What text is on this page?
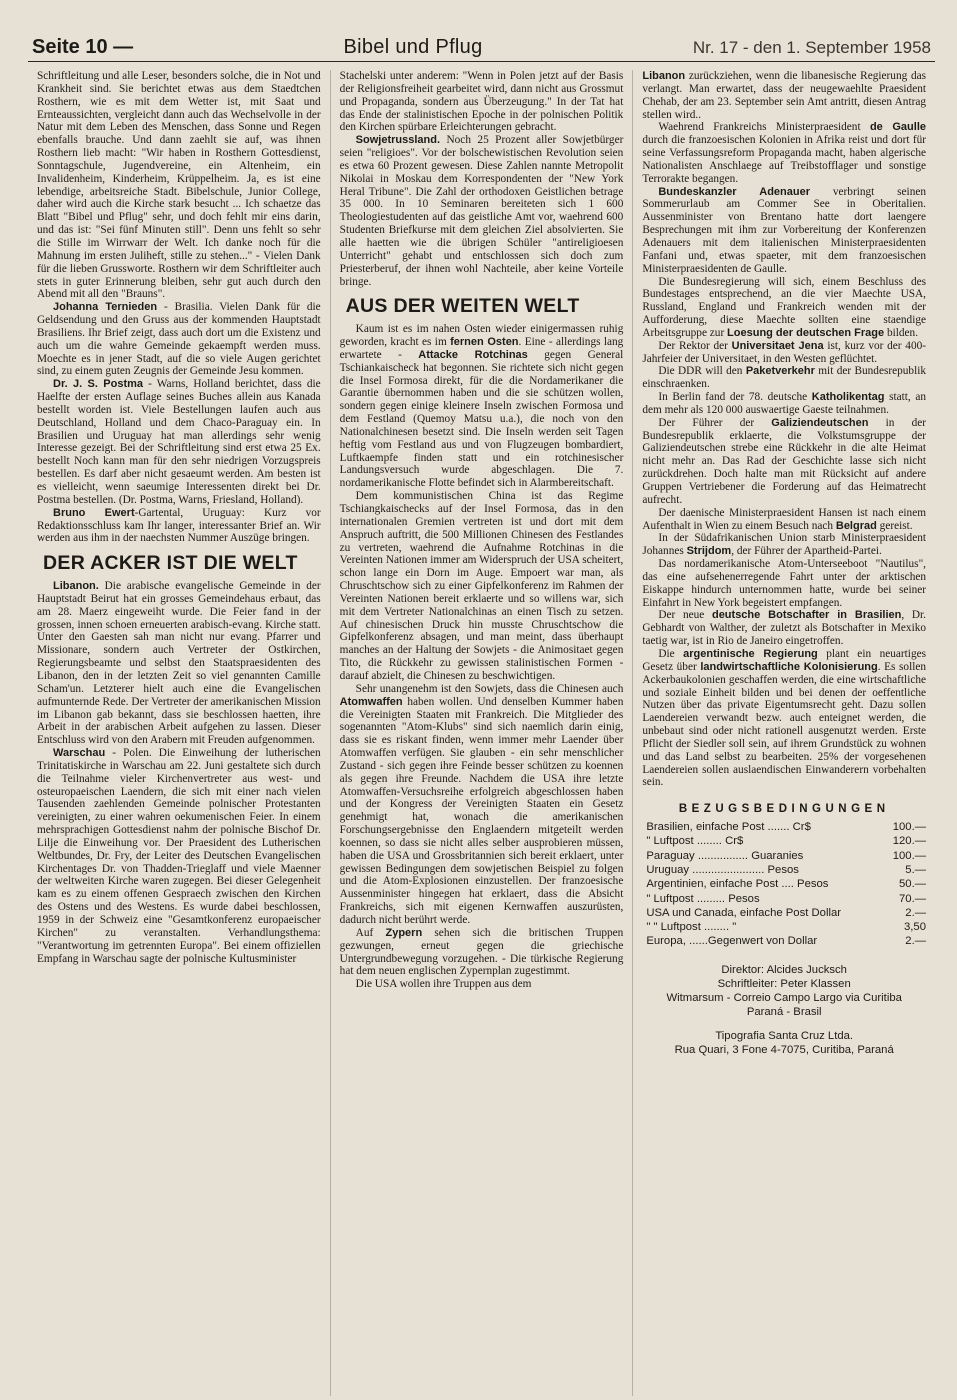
Seite 10 —	Bibel und Pflug	Nr. 17 - den 1. September 1958

Schriftleitung und alle Leser, besonders solche, die in Not und Krankheit sind. Sie berichtet etwas aus dem Staedtchen Rosthern, wie es mit dem Wetter ist, mit Saat und Ernteaussichten, vergleicht dann auch das Wechselvolle in der Natur mit dem Leben des Menschen, dass Sonne und Regen ebenfalls brauche. Und dann zaehlt sie auf, was ihnen Rosthern lieb macht: "Wir haben in Rosthern Gottesdienst, Sonntagschule, Jugendvereine, ein Altenheim, ein Invalidenheim, Kinderheim, Krüppelheim. Ja, es ist eine lebendige, arbeitsreiche Stadt. Bibelschule, Junior College, daher wird auch die Kirche stark besucht ... Ich schaetze das Blatt "Bibel und Pflug" sehr, und doch fehlt mir eins darin, und das ist: "Sei fünf Minuten still". Denn uns fehlt so sehr die Stille im Wirrwarr der Welt. Ich danke noch für die Mahnung im ersten Juliheft, stille zu stehen..." - Vielen Dank für die lieben Grussworte. Rosthern wir dem Schriftleiter auch stets in guter Erinnerung bleiben, sehr gut auch durch den Abend mit all den "Brauns".

Johanna Ternieden - Brasilia. Vielen Dank für die Geldsendung und den Gruss aus der kommenden Hauptstadt Brasiliens. Ihr Brief zeigt, dass auch dort um die Existenz und auch um die wahre Gemeinde gekaempft werden muss. Moechte es in jener Stadt, auf die so viele Augen gerichtet sind, zu einem guten Zeugnis der Gemeinde Jesu kommen.

Dr. J. S. Postma - Warns, Holland berichtet, dass die Haelfte der ersten Auflage seines Buches allein aus Kanada bestellt worden ist. Viele Bestellungen laufen auch aus Deutschland, Holland und dem Chaco-Paraguay ein. In Brasilien und Uruguay hat man allerdings sehr wenig Interesse gezeigt. Bei der Schriftleitung sind erst etwa 25 Ex. bestellt Noch kann man für den sehr niedrigen Vorzugspreis bestellen. Es darf aber nicht gesaeumt werden. Am besten ist es vielleicht, wenn saeumige Interessenten direkt bei Dr. Postma bestellen. (Dr. Postma, Warns, Friesland, Holland).

Bruno Ewert-Gartental, Uruguay: Kurz vor Redaktionsschluss kam Ihr langer, interessanter Brief an. Wir werden aus ihm in der naechsten Nummer Auszüge bringen.

DER ACKER IST DIE WELT

Libanon. Die arabische evangelische Gemeinde in der Hauptstadt Beirut hat ein grosses Gemeindehaus erbaut, das am 28. Maerz eingeweiht wurde. Die Feier fand in der grossen, innen schoen erneuerten arabisch-evang. Kirche statt. Unter den Gaesten sah man nicht nur evang. Pfarrer und Missionare, sondern auch Vertreter der Ostkirchen, Regierungsbeamte und selbst den Staatspraesidenten des Libanon, den in der letzten Zeit so viel genannten Camille Scham'un. Letzterer hielt auch eine die Evangelischen aufmunternde Rede. Der Vertreter der amerikanischen Mission im Libanon gab bekannt, dass sie beschlossen haetten, ihre Arbeit in der arabischen Arbeit aufgehen zu lassen. Dieser Entschluss wird von den Arabern mit Freuden aufgenommen.

Warschau - Polen. Die Einweihung der lutherischen Trinitatiskirche in Warschau am 22. Juni gestaltete sich durch die Teilnahme vieler Kirchenvertreter aus west- und osteuropaeischen Laendern, die sich mit einer nach vielen Tausenden zaehlenden Gemeinde polnischer Protestanten vereinigten, zu einer wahren oekumenischen Feier. In einem mehrsprachigen Gottesdienst nahm der polnische Bischof Dr. Lilje die Einweihung vor. Der Praesident des Lutherischen Weltbundes, Dr. Fry, der Leiter des Deutschen Evangelischen Kirchentages Dr. von Thadden-Trieglaff und viele Maenner der weltweiten Kirche waren zugegen. Bei dieser Gelegenheit kam es zu einem offenen Gespraech zwischen den Kirchen des Ostens und des Westens. Es wurde dabei beschlossen, 1959 in der Schweiz eine "Gesamtkonferenz europaeischer Kirchen" zu veranstalten. Verhandlungsthema: "Verantwortung im getrennten Europa". Bei einem offiziellen Empfang in Warschau sagte der polnische Kultusminister

Stachelski unter anderem: "Wenn in Polen jetzt auf der Basis der Religionsfreiheit gearbeitet wird, dann nicht aus Grossmut und Propaganda, sondern aus Überzeugung." In der Tat hat das Ende der stalinistischen Epoche in der polnischen Politik den Kirchen spürbare Erleichterungen gebracht.

Sowjetrussland. Noch 25 Prozent aller Sowjetbürger seien "religioes". Vor der bolschewistischen Revolution seien es etwa 60 Prozent gewesen. Diese Zahlen nannte Metropolit Nikolai in Moskau dem Korrespondenten der "New York Heral Tribune". Die Zahl der orthodoxen Geistlichen betrage 35 000. In 10 Seminaren bereiteten sich 1 600 Theologiestudenten auf das geistliche Amt vor, waehrend 600 Studenten Briefkurse mit dem gleichen Ziel absolvierten. Sie alle haetten wie die übrigen Schüler "antireligioesen Unterricht" gehabt und entschlossen sich doch zum Priesterberuf, der ihnen wohl Nachteile, aber keine Vorteile bringe.

AUS DER WEITEN WELT

Kaum ist es im nahen Osten wieder einigermassen ruhig geworden, kracht es im fernen Osten. Eine - allerdings lang erwartete - Attacke Rotchinas gegen General Tschiankaischeck hat begonnen. Sie richtete sich nicht gegen die Insel Formosa direkt, für die die Nordamerikaner die Garantie übernommen haben und die sie schützen wollen, sondern gegen einige kleinere Inseln zwischen Formosa und dem Festland (Quemoy Matsu u.a.), die noch von den Nationalchinesen besetzt sind. Die Inseln werden seit Tagen heftig vom Festland aus und von Flugzeugen bombardiert, Luftkaempfe finden statt und ein rotchinesischer Landungsversuch wurde abgeschlagen. Die 7. nordamerikanische Flotte befindet sich in Alarmbereitschaft.

Dem kommunistischen China ist das Regime Tschiangkaischecks auf der Insel Formosa, das in den internationalen Gremien vertreten ist und dort mit dem Anspruch auftritt, die 500 Millionen Chinesen des Festlandes zu vertreten, waehrend die Aufnahme Rotchinas in die Vereinten Nationen immer am Widerspruch der USA scheitert, schon lange ein Dorn im Auge. Empoert war man, als Chruschtschow sich zu einer Gipfelkonferenz im Rahmen der Vereinten Nationen bereit erklaerte und so willens war, sich mit dem Vertreter Nationalchinas an einen Tisch zu setzen. Auf chinesischen Druck hin musste Chruschtschow die Gipfelkonferenz absagen, und man meint, dass überhaupt manches an der Haltung der Sowjets - die Animositaet gegen Tito, die Rückkehr zu gewissen stalinistischen Formen - darauf abzielt, die Chinesen zu beschwichtigen.

Sehr unangenehm ist den Sowjets, dass die Chinesen auch Atomwaffen haben wollen. Und denselben Kummer haben die Vereinigten Staaten mit Frankreich. Die Mitglieder des sogenannten "Atom-Klubs" sind sich naemlich darin einig, dass sie es riskant finden, wenn immer mehr Laender über Atomwaffen verfügen. Sie glauben - ein sehr menschlicher Zustand - sich gegen ihre Feinde besser schützen zu koennen als gegen ihre Freunde. Nachdem die USA ihre letzte Atomwaffen-Versuchsreihe erfolgreich abgeschlossen haben und der Kongress der Vereinigten Staaten ein Gesetz genehmigt hat, wonach die amerikanischen Forschungsergebnisse den Englaendern mitgeteilt werden koennen, so dass sie nicht alles selber ausprobieren müssen, haben die USA und Grossbritannien sich bereit erklaert, unter gewissen Bedingungen dem sowjetischen Beispiel zu folgen und die Atom-Explosionen einzustellen. Der franzoesische Aussenminister hingegen hat erklaert, dass die Absicht Frankreichs, sich mit eigenen Kernwaffen auszurüsten, dadurch nicht berührt werde.

Auf Zypern sehen sich die britischen Truppen gezwungen, erneut gegen die griechische Untergrundbewegung vorzugehen. - Die türkische Regierung hat dem neuen englischen Zypernplan zugestimmt.

Die USA wollen ihre Truppen aus dem

Libanon zurückziehen, wenn die libanesische Regierung das verlangt. Man erwartet, dass der neugewaehlte Praesident Chehab, der am 23. September sein Amt antritt, diesen Antrag stellen wird..

Waehrend Frankreichs Ministerpraesident de Gaulle durch die franzoesischen Kolonien in Afrika reist und dort für seine Verfassungsreform Propaganda macht, haben algerische Nationalisten Anschlaege auf Treibstofflager und sonstige Terrorakte begangen.

Bundeskanzler Adenauer verbringt seinen Sommerurlaub am Commer See in Oberitalien. Aussenminister von Brentano hatte dort laengere Besprechungen mit ihm zur Vorbereitung der Konferenzen Adenauers mit dem italienischen Ministerpraesidenten Fanfani und, etwas spaeter, mit dem franzoesischen Ministerpraesidenten de Gaulle.

Die Bundesregierung will sich, einem Beschluss des Bundestages entsprechend, an die vier Maechte USA, Russland, England und Frankreich wenden mit der Aufforderung, diese Maechte sollten eine staendige Arbeitsgruppe zur Loesung der deutschen Frage bilden.

Der Rektor der Universitaet Jena ist, kurz vor der 400-Jahrfeier der Universitaet, in den Westen geflüchtet.

Die DDR will den Paketverkehr mit der Bundesrepublik einschraenken.

In Berlin fand der 78. deutsche Katholikentag statt, an dem mehr als 120 000 auswaertige Gaeste teilnahmen.

Der Führer der Galiziendeutschen in der Bundesrepublik erklaerte, die Volkstumsgruppe der Galiziendeutschen strebe eine Rückkehr in die alte Heimat nicht mehr an. Das Rad der Geschichte lasse sich nicht zurückdrehen. Doch halte man mit Rücksicht auf andere Gruppen Vertriebener die Forderung auf das Heimatrecht aufrecht.

Der daenische Ministerpraesident Hansen ist nach einem Aufenthalt in Wien zu einem Besuch nach Belgrad gereist.

In der Südafrikanischen Union starb Ministerpraesident Johannes Strijdom, der Führer der Apartheid-Partei.

Das nordamerikanische Atom-Unterseeboot "Nautilus", das eine aufsehenerregende Fahrt unter der arktischen Eiskappe hindurch unternommen hatte, wurde bei seiner Einfahrt in New York begeistert empfangen.

Der neue deutsche Botschafter in Brasilien, Dr. Gebhardt von Walther, der zuletzt als Botschafter in Mexiko taetig war, ist in Rio de Janeiro eingetroffen.

Die argentinische Regierung plant ein neuartiges Gesetz über landwirtschaftliche Kolonisierung. Es sollen Ackerbaukolonien geschaffen werden, die eine wirtschaftliche und soziale Einheit bilden und bei denen der oeffentliche Nutzen über das private Eigentumsrecht geht. Dazu sollen Laendereien verwandt bezw. auch enteignet werden, die unbebaut sind oder nicht rationell ausgenutzt werden. Erste Pflicht der Siedler soll sein, auf ihrem Grundstück zu wohnen und das Land selbst zu bearbeiten. 25% der vorgesehenen Laendereien sollen auslaendischen Einwanderern vorbehalten sein.

BEZUGSBEDINGUNGEN
Brasilien, einfache Post ....... Cr$	100.—
" Luftpost ........ Cr$	120.—
Paraguay ................ Guaranies	100.—
Uruguay ....................... Pesos	5.—
Argentinien, einfache Post .... Pesos	50.—
" Luftpost ......... Pesos	70.—
USA und Canada, einfache Post Dollar	2.—
" " Luftpost ........ "	3,50
Europa, ......Gegenwert von Dollar	2.—
Direktor: Alcides Jucksch
Schriftleiter: Peter Klassen
Witmarsum - Correio Campo Largo via Curitiba
Paraná - Brasil
Tipografia Santa Cruz Ltda.
Rua Quari, 3 Fone 4-7075, Curitiba, Paraná
